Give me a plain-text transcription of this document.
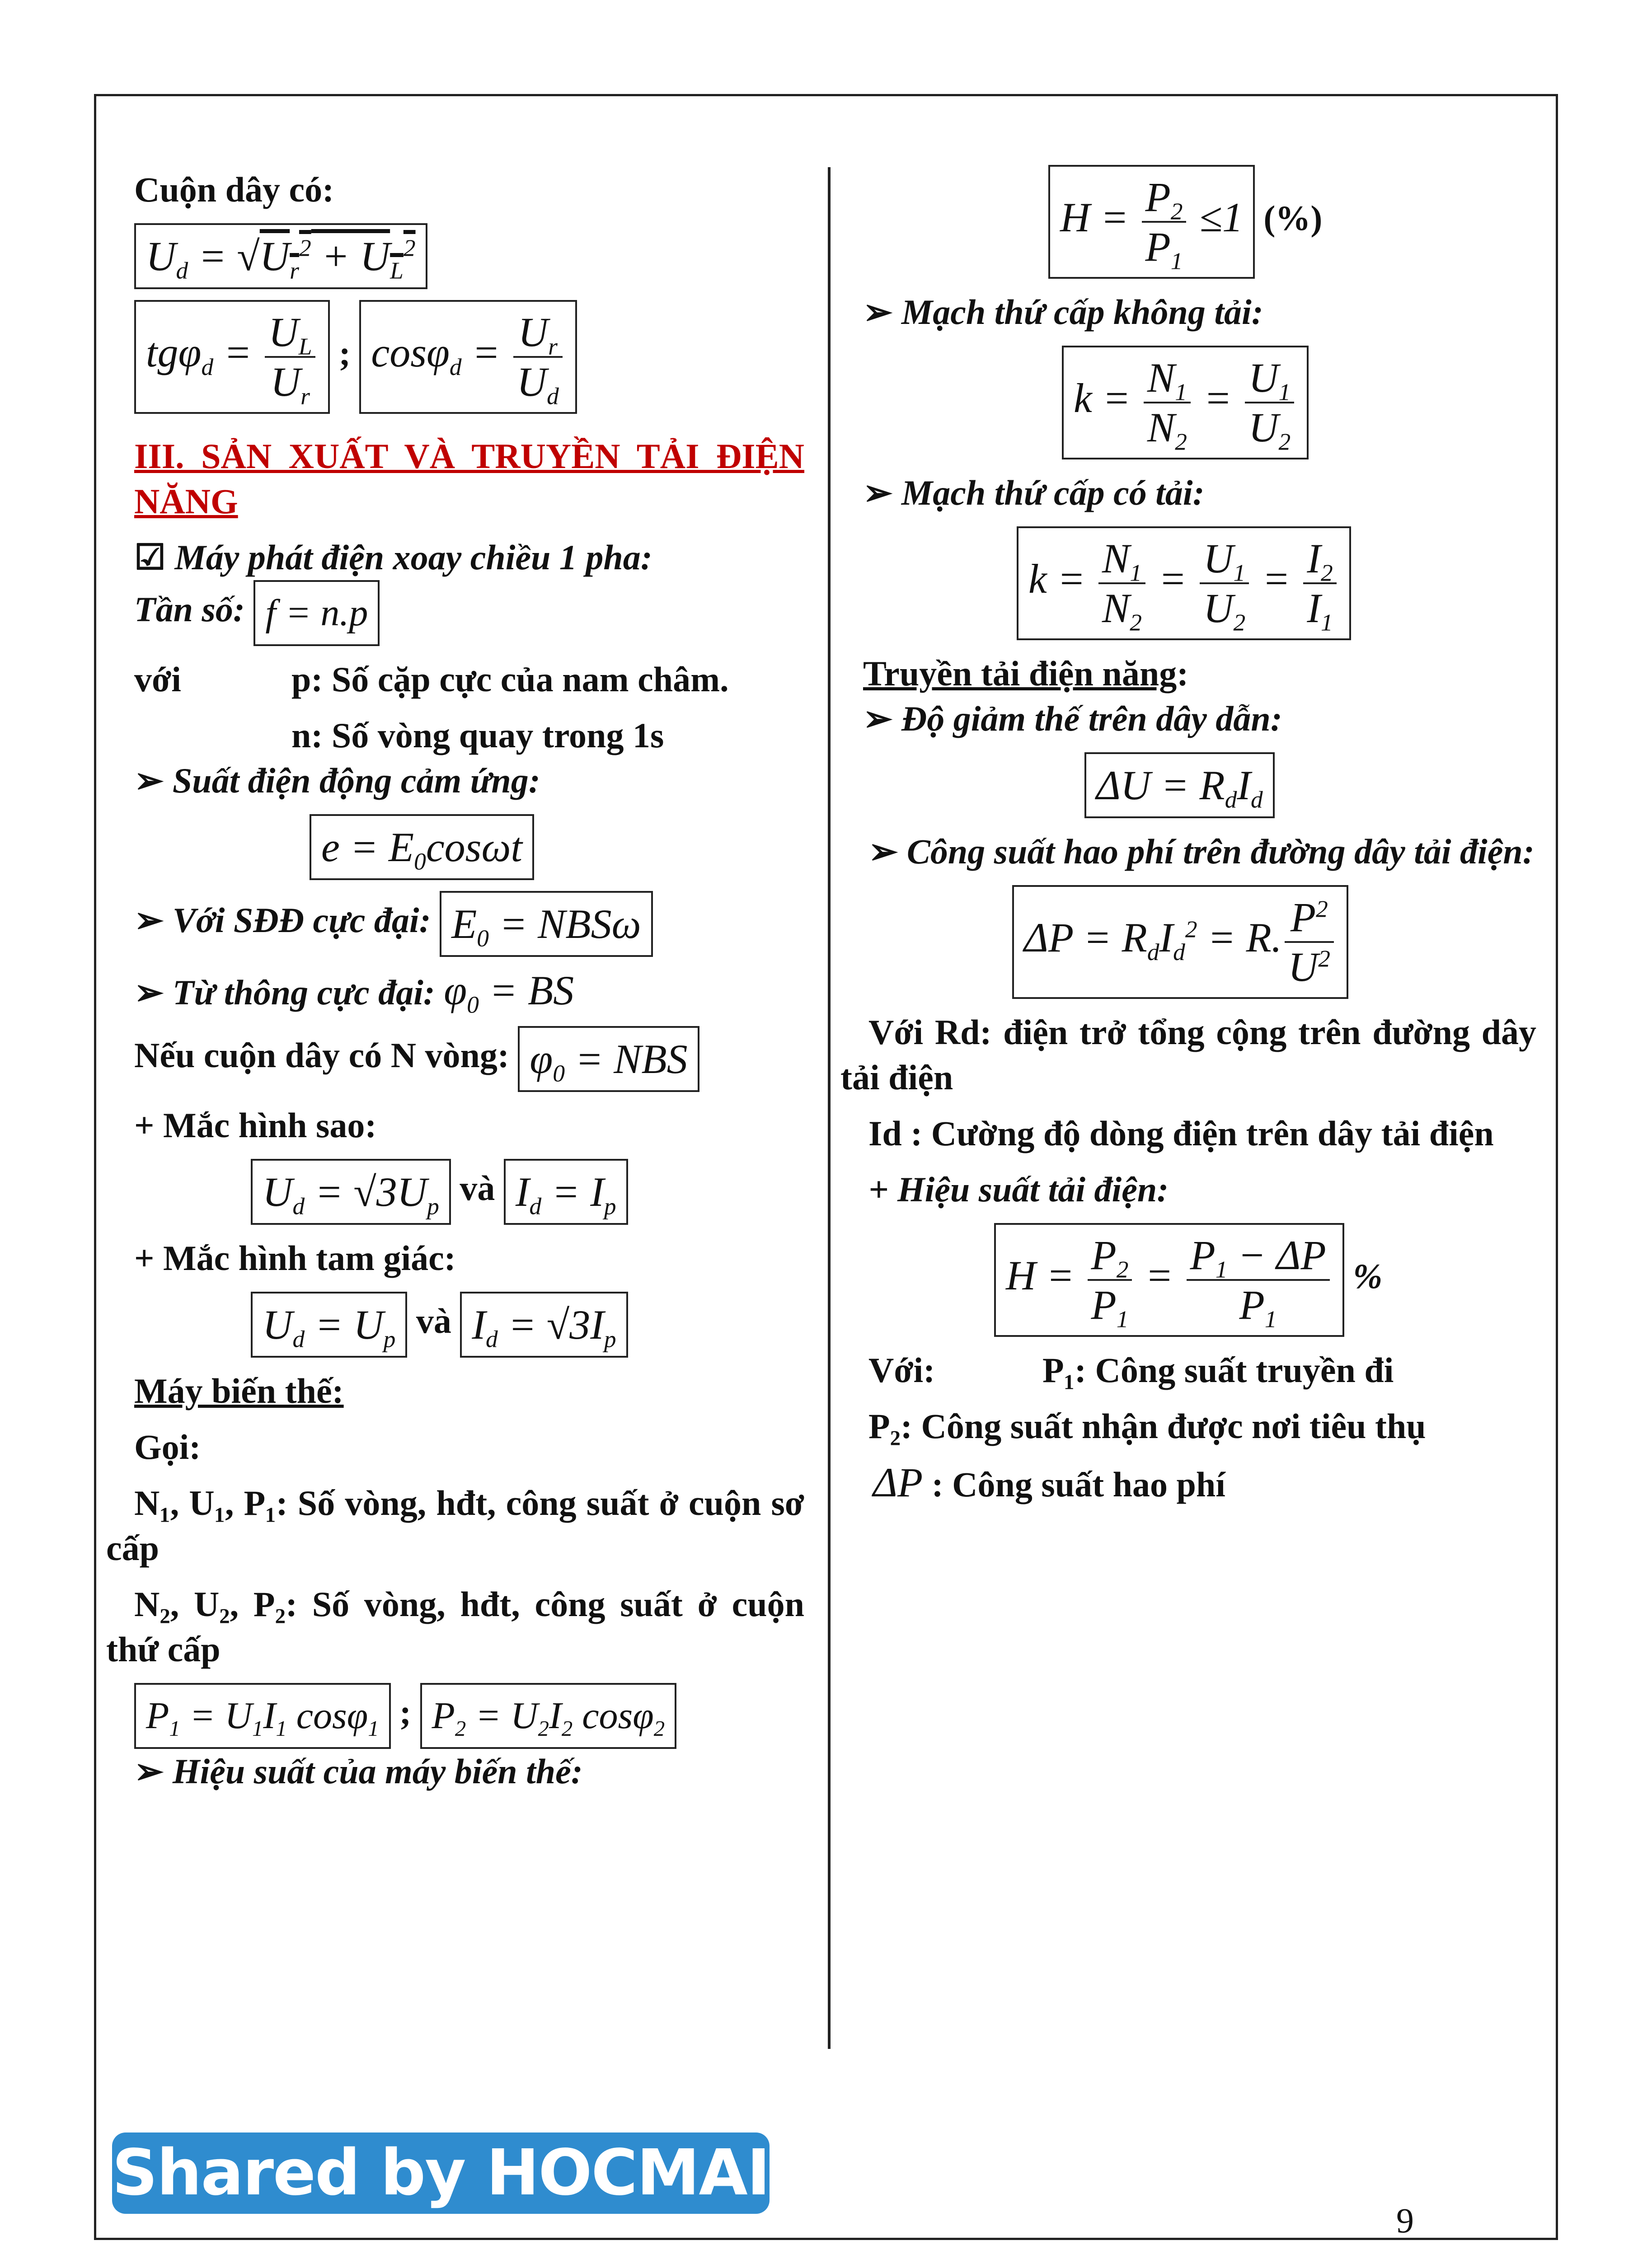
Cuộn dây có:

$U_d = √U_r^2 + U_L^2$

$tg\varphi_d = \frac{U_L}{U_r}$ ; $\cos\varphi_d = \frac{U_r}{U_d}$

III. SẢN XUẤT VÀ TRUYỀN TẢI ĐIỆN NĂNG

☑ Máy phát điện xoay chiều 1 pha:

Tần số: f = n.p

với	p: Số cặp cực của nam châm.

n: Số vòng quay trong 1s

➢ Suất điện động cảm ứng:

$e = E_0\cos\omega t$

➢ Với SĐĐ cực đại: $E_0 = NBS\omega$

➢ Từ thông cực đại: $\varphi_0$ = BS

Nếu cuộn dây có N vòng: $\varphi_0$ = NBS

+ Mắc hình sao:

$U_d = √3U_p$ và $I_d = I_p$

+ Mắc hình tam giác:

$U_d = U_p$ và $I_d = √3I_p$

Máy biến thế:

Gọi:

N₁, U₁, P₁: Số vòng, hđt, công suất ở cuộn sơ cấp

N₂, U₂, P₂: Số vòng, hđt, công suất ở cuộn thứ cấp

$P_1 = U_1I_1$ cosφ$_1$ ; $P_2 = U_2I_2$ cosφ$_2$

➢ Hiệu suất của máy biến thế:

$H = \frac{P_2}{P_1} \le 1$ (%)

➢ Mạch thứ cấp không tải:

$k = \frac{N_1}{N_2} = \frac{U_1}{U_2}$

➢ Mạch thứ cấp có tải:

$k = \frac{N_1}{N_2} = \frac{U_1}{U_2} = \frac{I_2}{I_1}$

Truyền tải điện năng:

➢ Độ giảm thế trên dây dẫn:

$\Delta U = R_dI_d$

➢ Công suất hao phí trên đường dây tải điện:

$\Delta P = R_dI_d^2 = R$. $\frac{P^2}{U^2}$

Với Rd: điện trở tổng cộng trên đường dây tải điện

Id : Cường độ dòng điện trên dây tải điện

+ Hiệu suất tải điện:

$H = \frac{P_2}{P_1} = \frac{P_1 - \Delta P}{P_1}$ %

Với:	P₁: Công suất truyền đi

P₂: Công suất nhận được nơi tiêu thụ

ΔP : Công suất hao phí

Shared by HOCMAI
9
